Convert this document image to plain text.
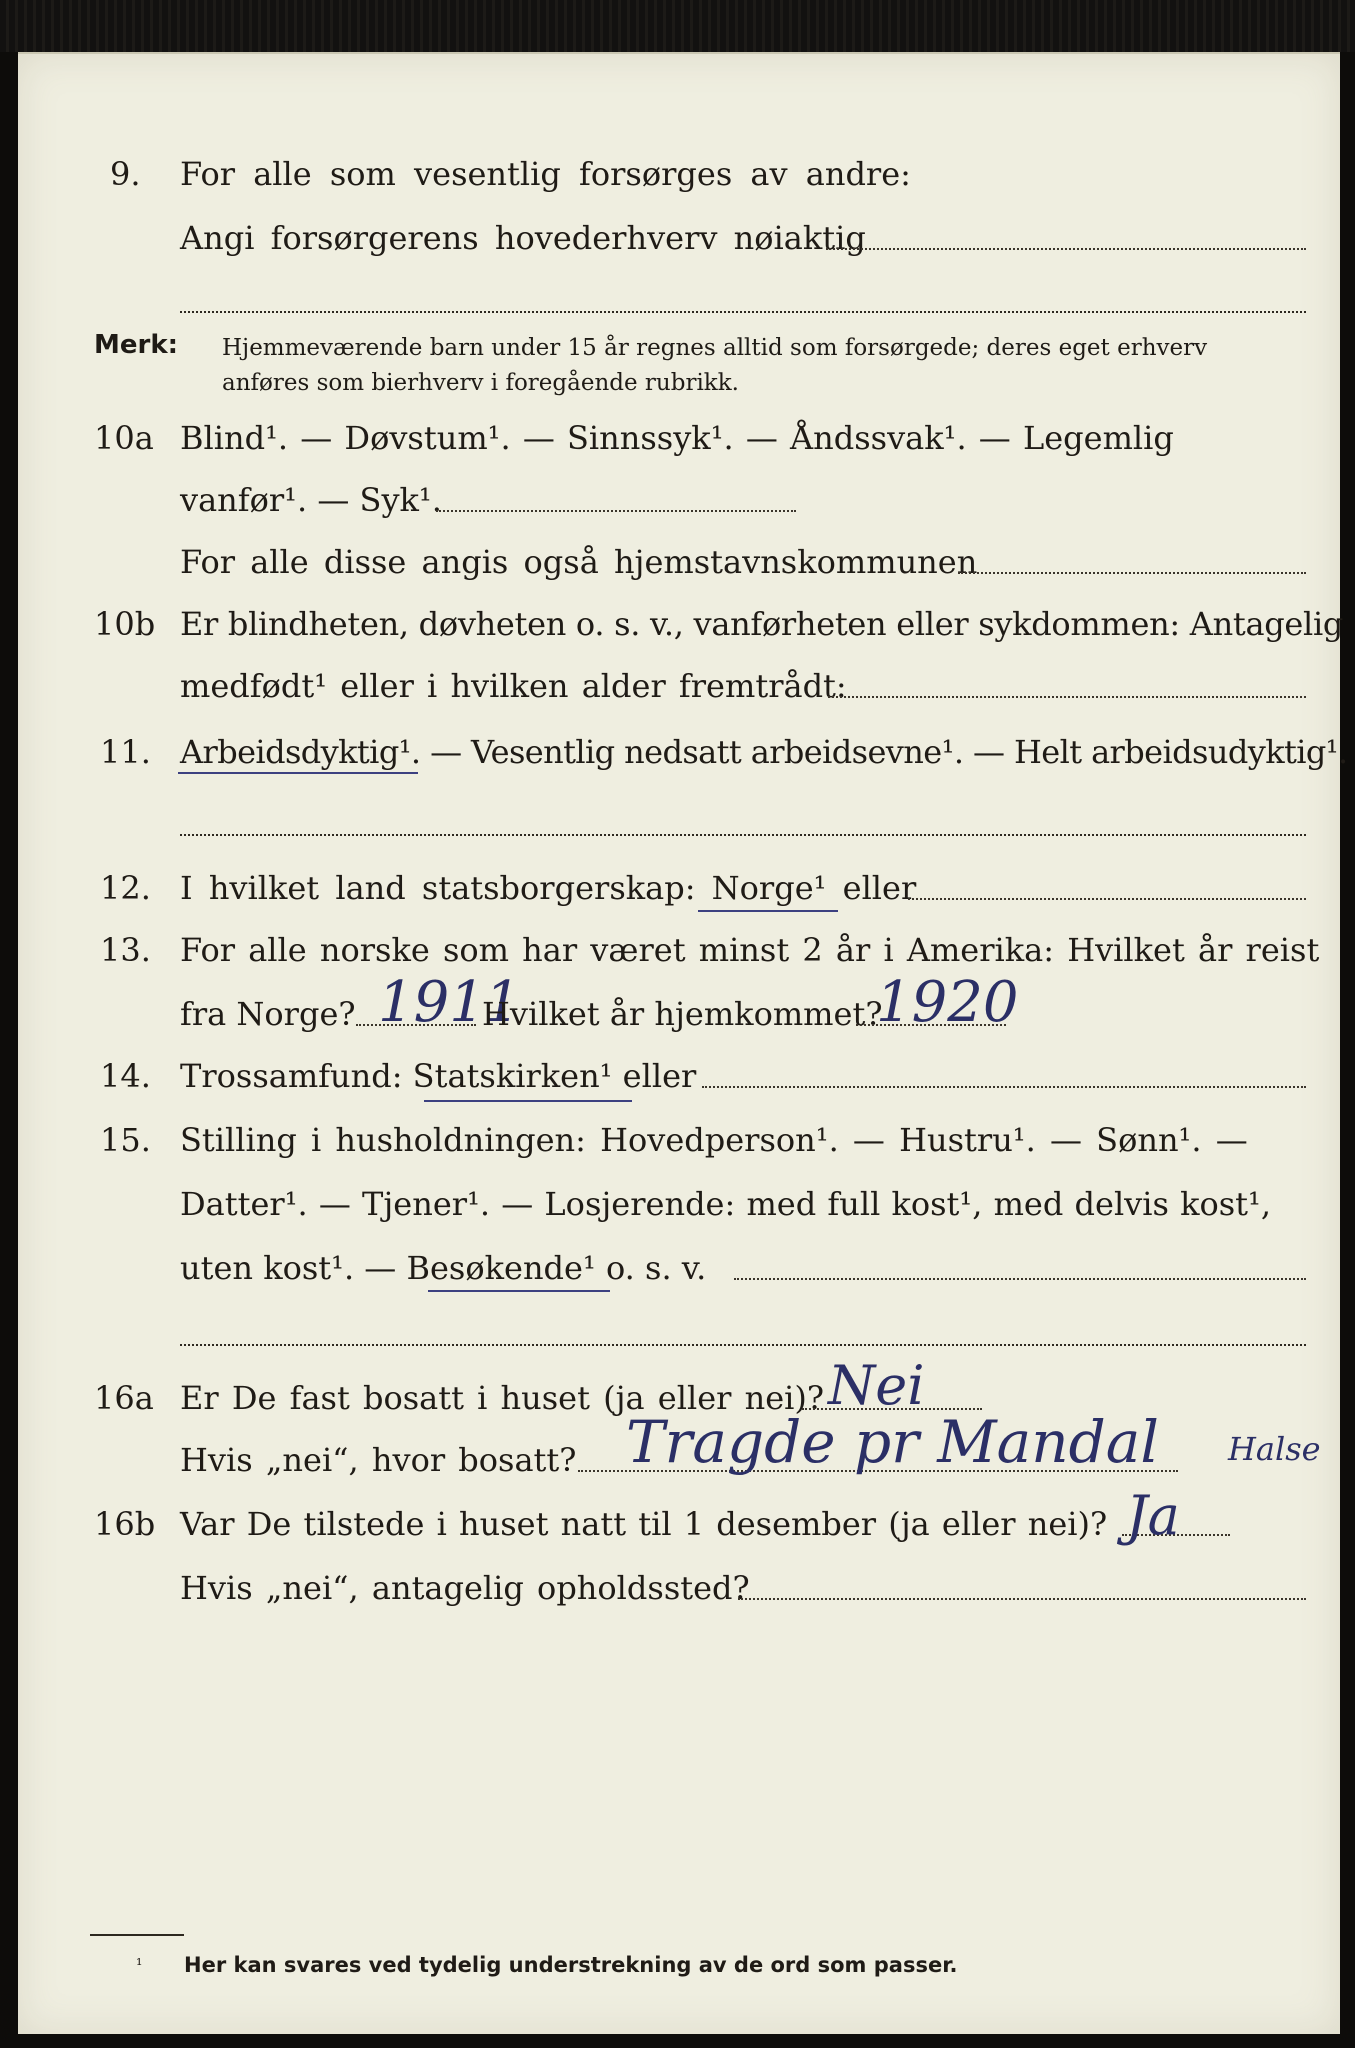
9. For alle som vesentlig forsørges av andre:
Angi forsørgerens hovederhverv nøiaktig
Merk: Hjemmeværende barn under 15 år regnes alltid som forsørgede; deres eget erhverv
anføres som bierhverv i foregående rubrikk.
10a Blind¹. — Døvstum¹. — Sinnssyk¹. — Åndssvak¹. — Legemlig
vanfør¹. — Syk¹.
For alle disse angis også hjemstavnskommunen
10b Er blindheten, døvheten o. s. v., vanførheten eller sykdommen: Antagelig
medfødt¹ eller i hvilken alder fremtrådt:
11. Arbeidsdyktig¹. — Vesentlig nedsatt arbeidsevne¹. — Helt arbeidsudyktig¹.
12. I hvilket land statsborgerskap: Norge¹ eller
13. For alle norske som har været minst 2 år i Amerika: Hvilket år reist
fra Norge? 1911
Hvilket år hjemkommet?
1920
14. Trossamfund: Statskirken¹ eller
15. Stilling i husholdningen: Hovedperson¹. — Hustru¹. — Sønn¹. —
Datter¹. — Tjener¹. — Losjerende: med full kost¹, med delvis kost¹,
uten kost¹. — Besøkende¹ o. s. v.
16a Er De fast bosatt i huset (ja eller nei)? Nei
Hvis „nei“, hvor bosatt? Tragde pr Mandal Halse
16b Var De tilstede i huset natt til 1 desember (ja eller nei)? Ja
Hvis „nei“, antagelig opholdssted?
¹ Her kan svares ved tydelig understrekning av de ord som passer.
